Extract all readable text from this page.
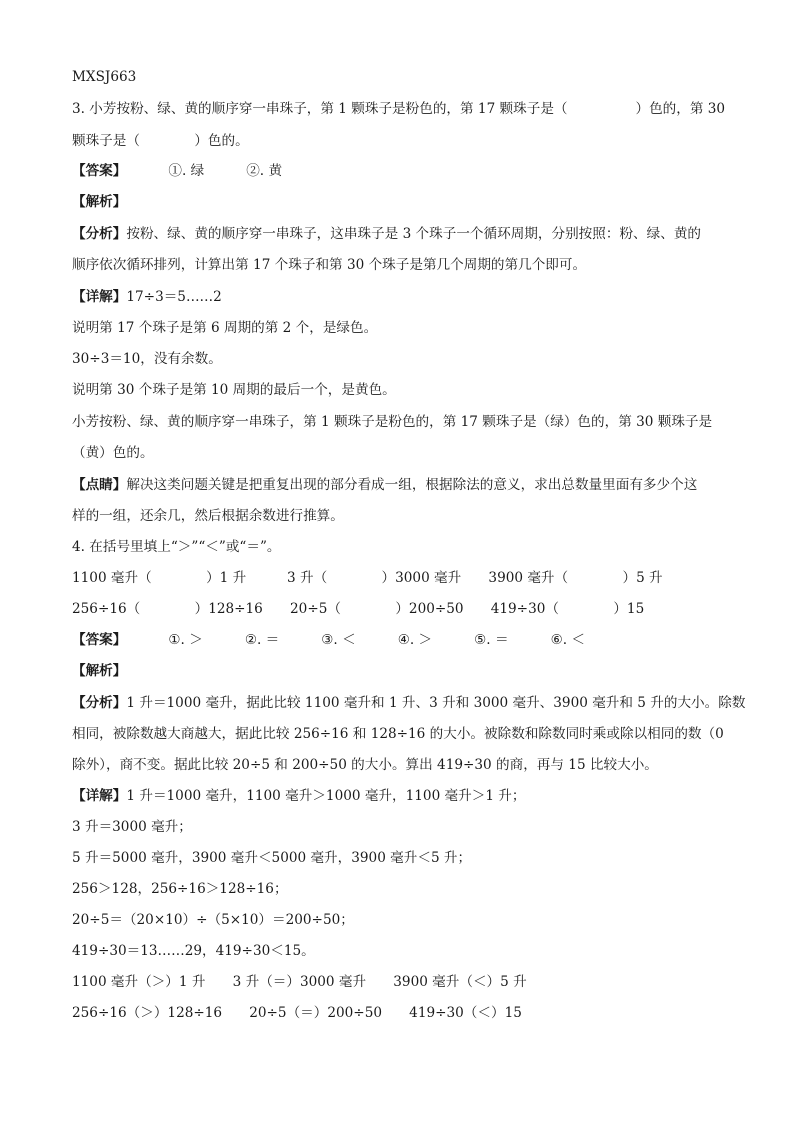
MXSJ663
3. 小芳按粉、绿、黄的顺序穿一串珠子，第 1 颗珠子是粉色的，第 17 颗珠子是（　　　　　）色的，第 30
颗珠子是（　　　　）色的。
【答案】	①. 绿	②. 黄
【解析】
【分析】按粉、绿、黄的顺序穿一串珠子，这串珠子是 3 个珠子一个循环周期，分别按照：粉、绿、黄的
顺序依次循环排列，计算出第 17 个珠子和第 30 个珠子是第几个周期的第几个即可。
【详解】17÷3＝5……2
说明第 17 个珠子是第 6 周期的第 2 个，是绿色。
30÷3＝10，没有余数。
说明第 30 个珠子是第 10 周期的最后一个，是黄色。
小芳按粉、绿、黄的顺序穿一串珠子，第 1 颗珠子是粉色的，第 17 颗珠子是（绿）色的，第 30 颗珠子是
（黄）色的。
【点睛】解决这类问题关键是把重复出现的部分看成一组，根据除法的意义，求出总数量里面有多少个这
样的一组，还余几，然后根据余数进行推算。
4. 在括号里填上“＞”“＜”或“＝”。
1100 毫升（　　　　）1 升　　　3 升（　　　　）3000 毫升　　3900 毫升（　　　　）5 升
256÷16（　　　　）128÷16　　20÷5（　　　　）200÷50　　419÷30（　　　　）15
【答案】	①. ＞	②. ＝	③. ＜	④. ＞	⑤. ＝	⑥. ＜
【解析】
【分析】1 升＝1000 毫升，据此比较 1100 毫升和 1 升、3 升和 3000 毫升、3900 毫升和 5 升的大小。除数
相同，被除数越大商越大，据此比较 256÷16 和 128÷16 的大小。被除数和除数同时乘或除以相同的数（0
除外），商不变。据此比较 20÷5 和 200÷50 的大小。算出 419÷30 的商，再与 15 比较大小。
【详解】1 升＝1000 毫升，1100 毫升＞1000 毫升，1100 毫升＞1 升；
3 升＝3000 毫升；
5 升＝5000 毫升，3900 毫升＜5000 毫升，3900 毫升＜5 升；
256＞128，256÷16＞128÷16；
20÷5＝（20×10）÷（5×10）＝200÷50；
419÷30＝13……29，419÷30＜15。
1100 毫升（＞）1 升　　3 升（＝）3000 毫升　　3900 毫升（＜）5 升
256÷16（＞）128÷16　　20÷5（＝）200÷50　　419÷30（＜）15
